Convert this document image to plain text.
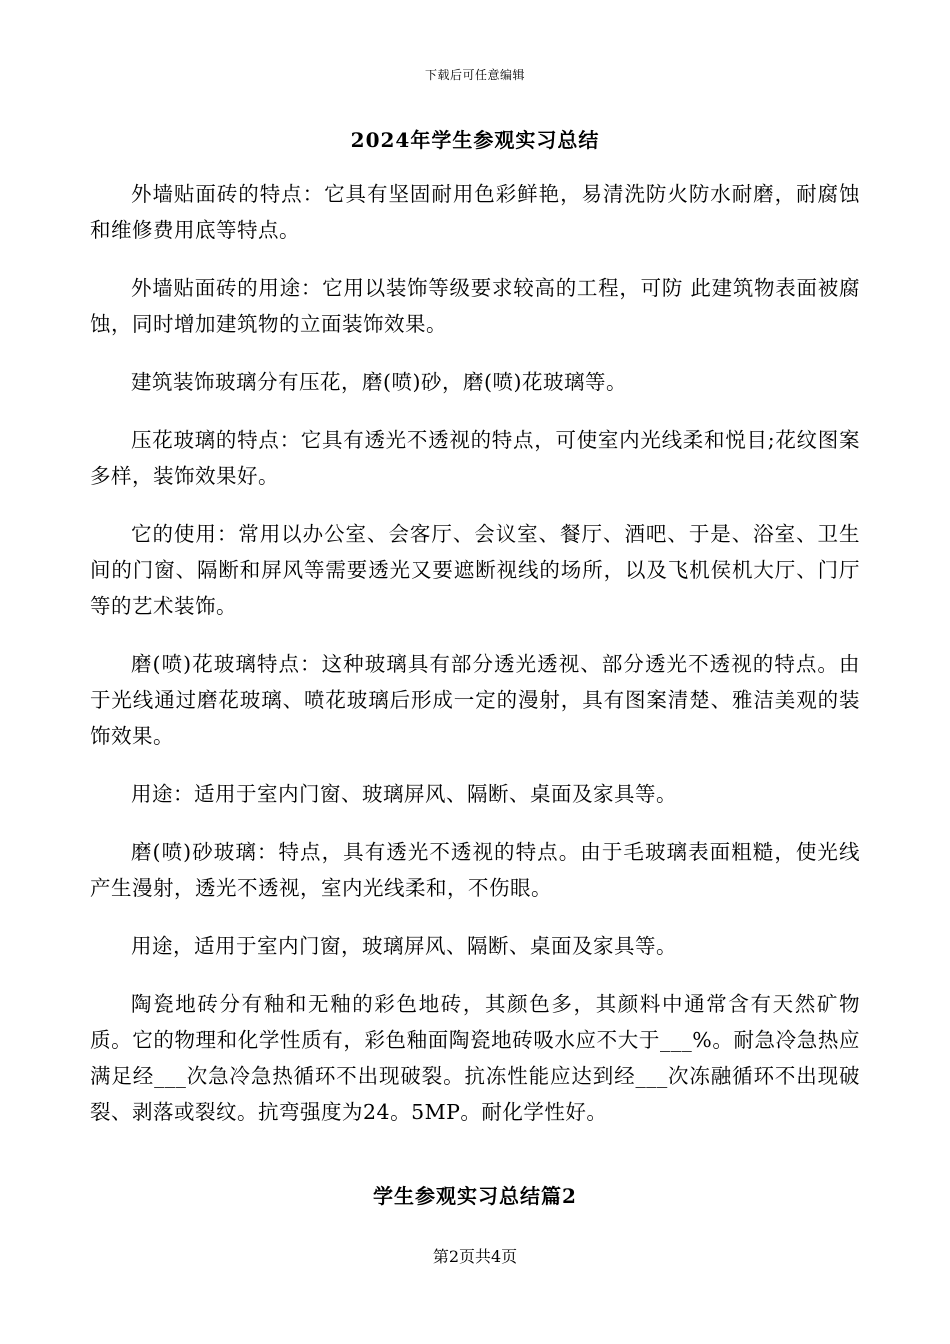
下载后可任意编辑
2024年学生参观实习总结

外墙贴面砖的特点：它具有坚固耐用色彩鲜艳，易清洗防火防水耐磨，耐腐蚀和维修费用底等特点。

外墙贴面砖的用途：它用以装饰等级要求较高的工程，可防 此建筑物表面被腐蚀，同时增加建筑物的立面装饰效果。

建筑装饰玻璃分有压花，磨(喷)砂，磨(喷)花玻璃等。

压花玻璃的特点：它具有透光不透视的特点，可使室内光线柔和悦目;花纹图案多样，装饰效果好。

它的使用：常用以办公室、会客厅、会议室、餐厅、酒吧、于是、浴室、卫生间的门窗、隔断和屏风等需要透光又要遮断视线的场所，以及飞机侯机大厅、门厅等的艺术装饰。

磨(喷)花玻璃特点：这种玻璃具有部分透光透视、部分透光不透视的特点。由于光线通过磨花玻璃、喷花玻璃后形成一定的漫射，具有图案清楚、雅洁美观的装饰效果。

用途：适用于室内门窗、玻璃屏风、隔断、桌面及家具等。

磨(喷)砂玻璃：特点，具有透光不透视的特点。由于毛玻璃表面粗糙，使光线产生漫射，透光不透视，室内光线柔和，不伤眼。

用途，适用于室内门窗，玻璃屏风、隔断、桌面及家具等。

陶瓷地砖分有釉和无釉的彩色地砖，其颜色多，其颜料中通常含有天然矿物质。它的物理和化学性质有，彩色釉面陶瓷地砖吸水应不大于___%。耐急冷急热应满足经___次急冷急热循环不出现破裂。抗冻性能应达到经___次冻融循环不出现破裂、剥落或裂纹。抗弯强度为24。5MP。耐化学性好。

学生参观实习总结篇2
第2页共4页
